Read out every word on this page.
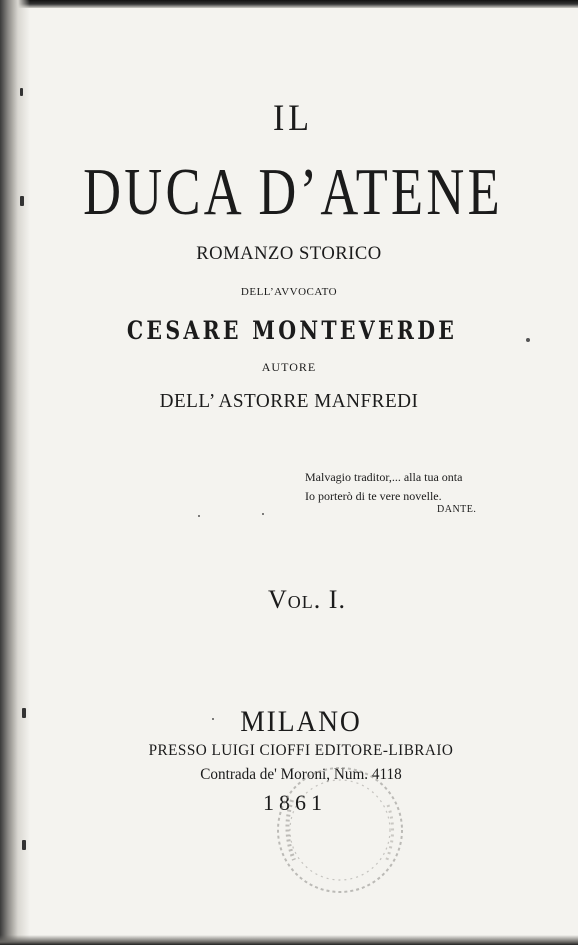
IL
DUCA D’ATENE
ROMANZO STORICO
DELL’AVVOCATO
CESARE MONTEVERDE
AUTORE
DELL’ ASTORRE MANFREDI
Malvagio traditor,... alla tua onta
Io porterò di te vere novelle.
DANTE.
Vol. I.
MILANO
PRESSO LUIGI CIOFFI EDITORE-LIBRAIO
Contrada de' Moroni, Num. 4118
1861
